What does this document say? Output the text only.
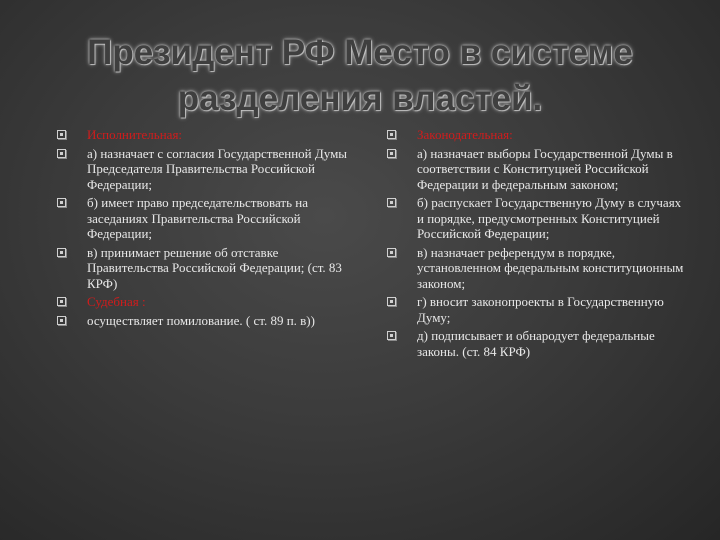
Президент РФ Место в системе
разделения властей.
Исполнительная:
а) назначает с согласия Государственной Думы Председателя Правительства Российской Федерации;
б) имеет право председательствовать на заседаниях Правительства Российской Федерации;
в) принимает решение об отставке Правительства Российской Федерации; (ст. 83 КРФ)
Судебная :
осуществляет помилование. ( ст. 89 п. в))
Законодательная:
а) назначает выборы Государственной Думы в соответствии с Конституцией Российской Федерации и федеральным законом;
б) распускает Государственную Думу в случаях и порядке, предусмотренных Конституцией Российской Федерации;
в) назначает референдум в порядке, установленном федеральным конституционным законом;
г) вносит законопроекты в Государственную Думу;
д) подписывает и обнародует федеральные законы. (ст. 84 КРФ)
